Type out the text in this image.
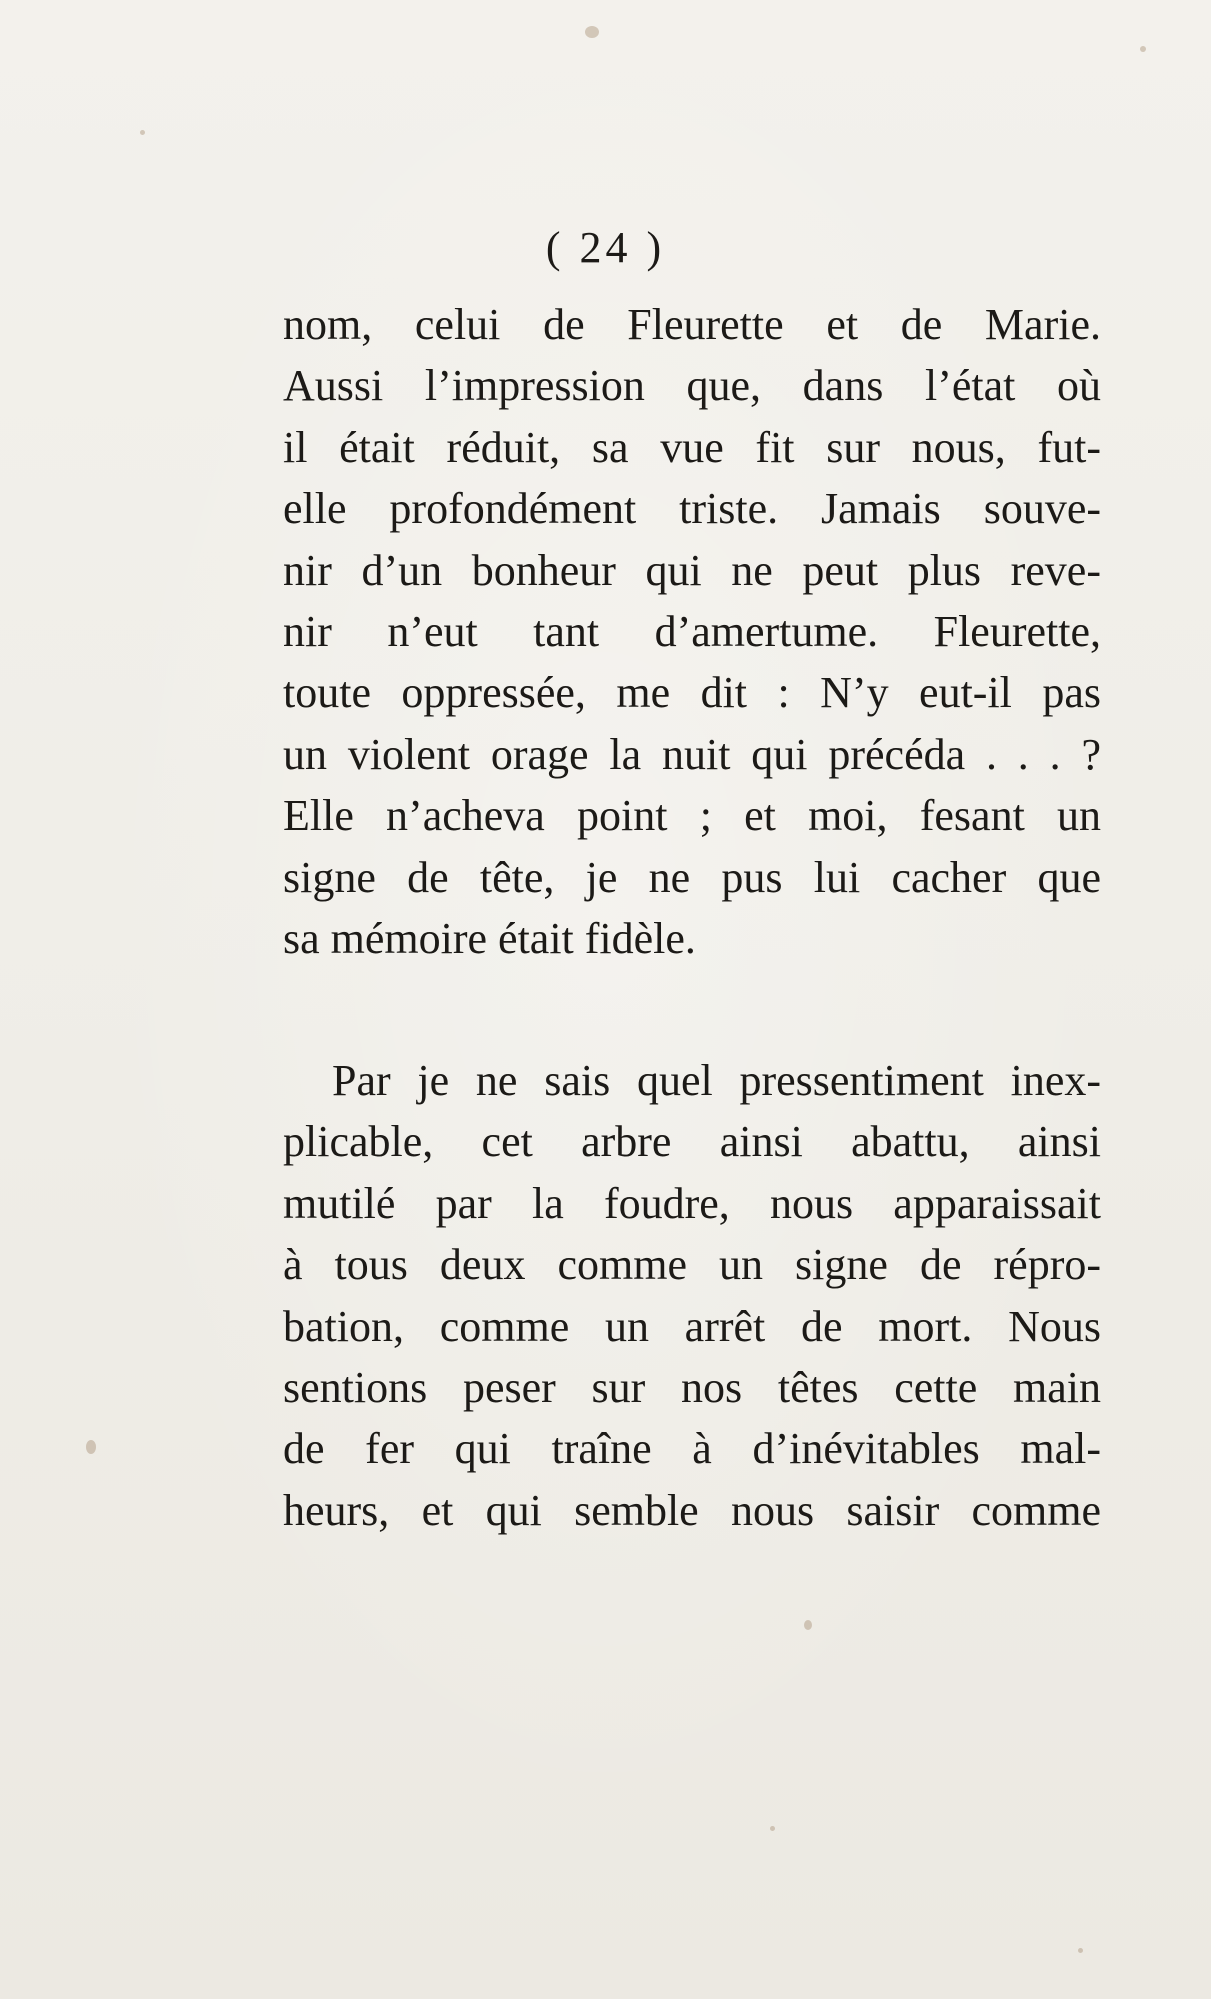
( 24 )

nom, celui de Fleurette et de Marie.
Aussi l’impression que, dans l’état où
il était réduit, sa vue fit sur nous, fut-
elle profondément triste. Jamais souve-
nir d’un bonheur qui ne peut plus reve-
nir n’eut tant d’amertume. Fleurette,
toute oppressée, me dit : N’y eut-il pas
un violent orage la nuit qui précéda . . . ?
Elle n’acheva point ; et moi, fesant un
signe de tête, je ne pus lui cacher que
sa mémoire était fidèle.

Par je ne sais quel pressentiment inex-
plicable, cet arbre ainsi abattu, ainsi
mutilé par la foudre, nous apparaissait
à tous deux comme un signe de répro-
bation, comme un arrêt de mort. Nous
sentions peser sur nos têtes cette main
de fer qui traîne à d’inévitables mal-
heurs, et qui semble nous saisir comme
